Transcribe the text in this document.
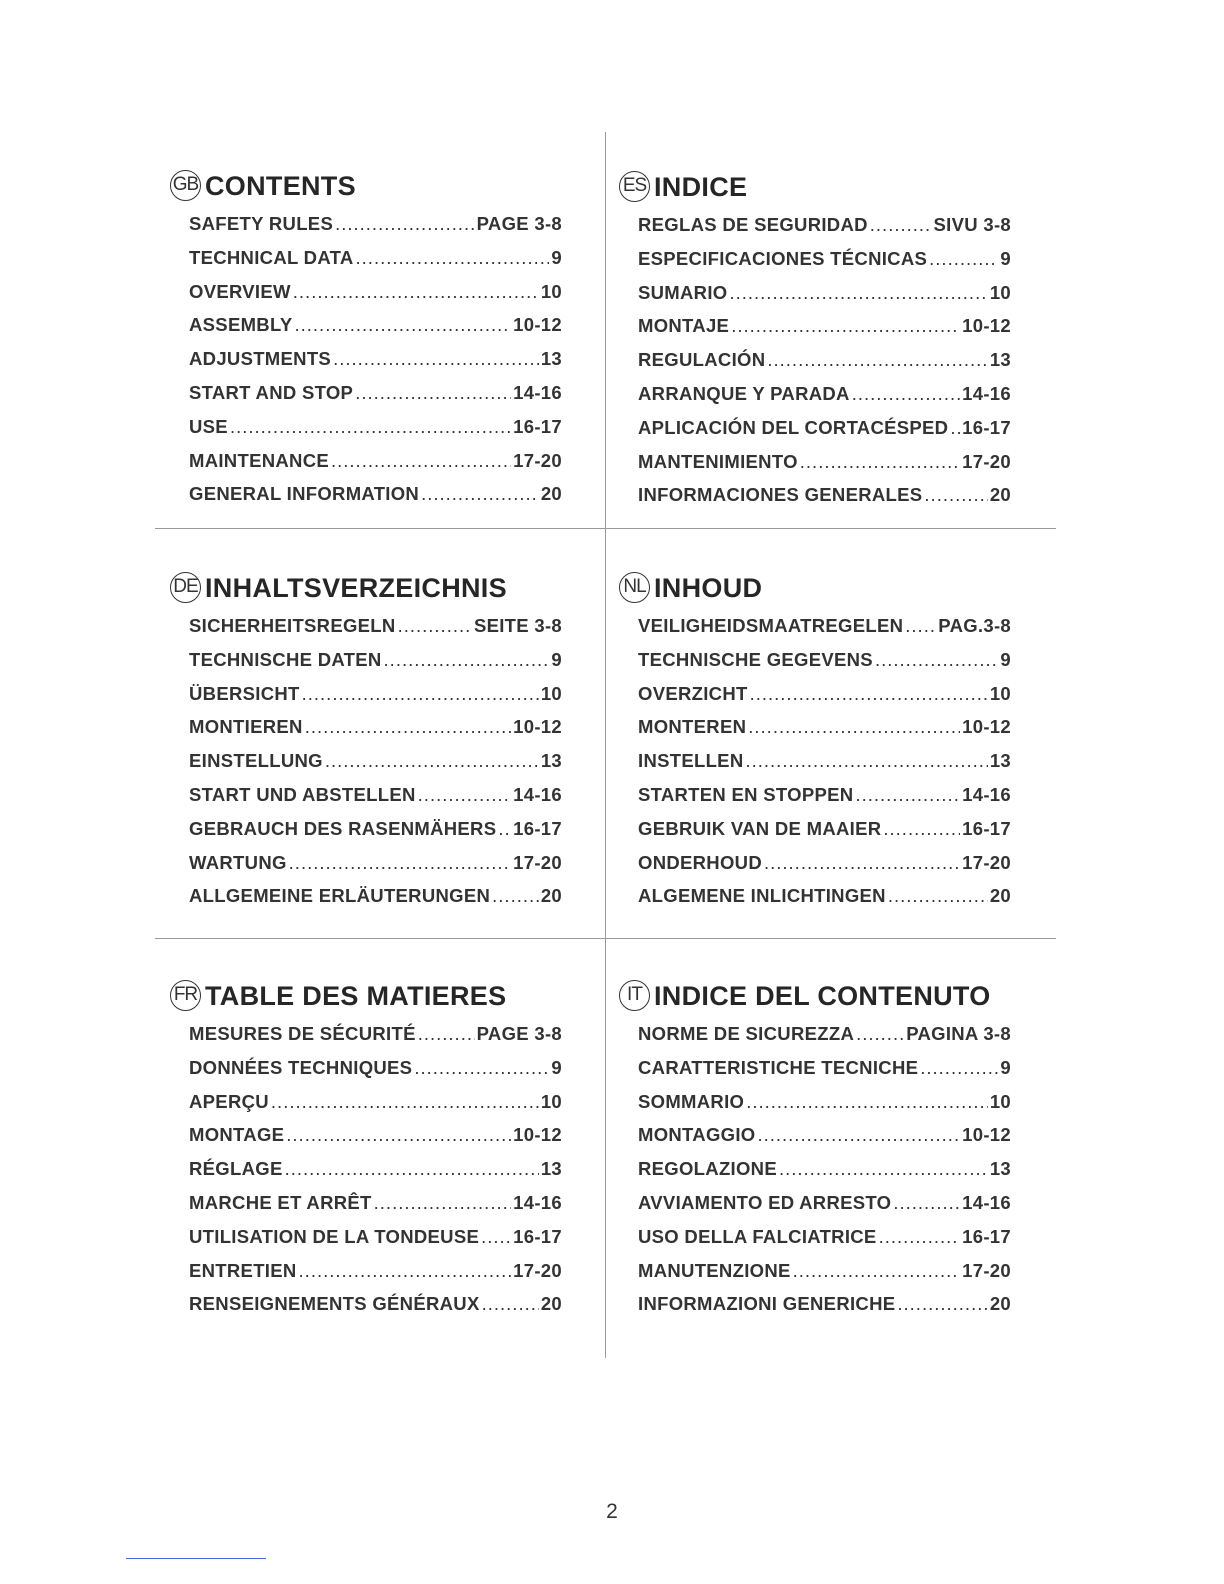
GB CONTENTS
SAFETY RULES .....	PAGE 3-8
TECHNICAL DATA .....	9
OVERVIEW .....	10
ASSEMBLY .....	10-12
ADJUSTMENTS .....	13
START AND STOP .....	14-16
USE .....	16-17
MAINTENANCE .....	17-20
GENERAL INFORMATION .....	20
ES INDICE
REGLAS DE SEGURIDAD .....	SIVU 3-8
ESPECIFICACIONES TÉCNICAS .....	9
SUMARIO .....	10
MONTAJE .....	10-12
REGULACIÓN .....	13
ARRANQUE Y PARADA .....	14-16
APLICACIÓN DEL CORTACÉSPED ..... 16-17
MANTENIMIENTO .....	17-20
INFORMACIONES GENERALES .....	20
DE INHALTSVERZEICHNIS
SICHERHEITSREGELN .....	SEITE 3-8
TECHNISCHE DATEN .....	9
ÜBERSICHT .....	10
MONTIEREN .....	10-12
EINSTELLUNG .....	13
START UND ABSTELLEN .....	14-16
GEBRAUCH DES RASENMÄHERS ..... 16-17
WARTUNG .....	17-20
ALLGEMEINE ERLÄUTERUNGEN .....	20
NL INHOUD
VEILIGHEIDSMAATREGELEN ..... PAG.3-8
TECHNISCHE GEGEVENS .....	9
OVERZICHT .....	10
MONTEREN .....	10-12
INSTELLEN .....	13
STARTEN EN STOPPEN .....	14-16
GEBRUIK VAN DE MAAIER .....	16-17
ONDERHOUD .....	17-20
ALGEMENE INLICHTINGEN .....	20
FR TABLE DES MATIERES
MESURES DE SÉCURITÉ .....	PAGE 3-8
DONNÉES TECHNIQUES .....	9
APERÇU .....	10
MONTAGE .....	10-12
RÉGLAGE .....	13
MARCHE ET ARRÊT .....	14-16
UTILISATION DE LA TONDEUSE ..... 16-17
ENTRETIEN .....	17-20
RENSEIGNEMENTS GÉNÉRAUX .....	20
IT INDICE DEL CONTENUTO
NORME DE SICUREZZA .....	PAGINA 3-8
CARATTERISTICHE TECNICHE .....	9
SOMMARIO .....	10
MONTAGGIO .....	10-12
REGOLAZIONE .....	13
AVVIAMENTO ED ARRESTO .....	14-16
USO DELLA FALCIATRICE .....	16-17
MANUTENZIONE .....	17-20
INFORMAZIONI GENERICHE .....	20
2
